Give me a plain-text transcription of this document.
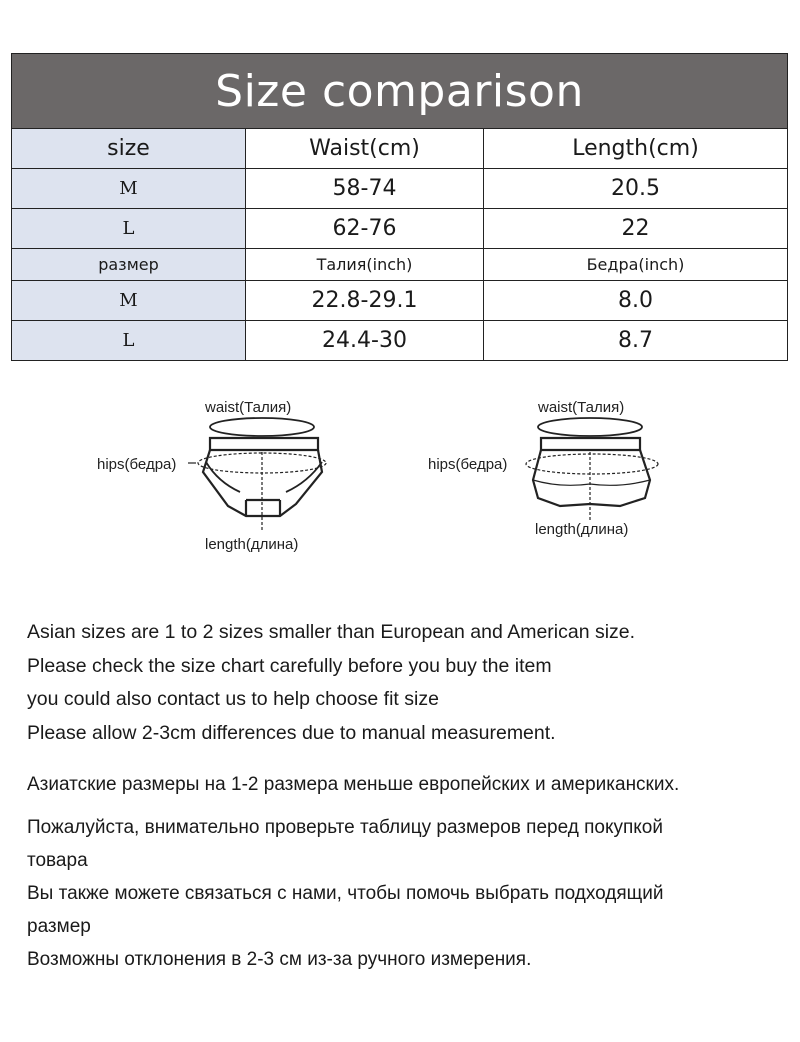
Size comparison
size	Waist(cm)	Length(cm)
M	58-74	20.5
L	62-76	22
размер	Талия(inch)	Бедра(inch)
M	22.8-29.1	8.0
L	24.4-30	8.7
waist(Талия)
hips(бедра)
length(длина)
waist(Талия)
hips(бедра)
length(длина)

Asian sizes are 1 to 2 sizes smaller than European and American size.

Please check the size chart carefully before you buy the item

you could also contact us to help choose fit size

Please allow 2-3cm differences due to manual measurement.

Азиатские размеры на 1-2 размера меньше европейских и американских.

Пожалуйста, внимательно проверьте таблицу размеров перед покупкой

товара

Вы также можете связаться с нами, чтобы помочь выбрать подходящий

размер

Возможны отклонения в 2-3 см из-за ручного измерения.
